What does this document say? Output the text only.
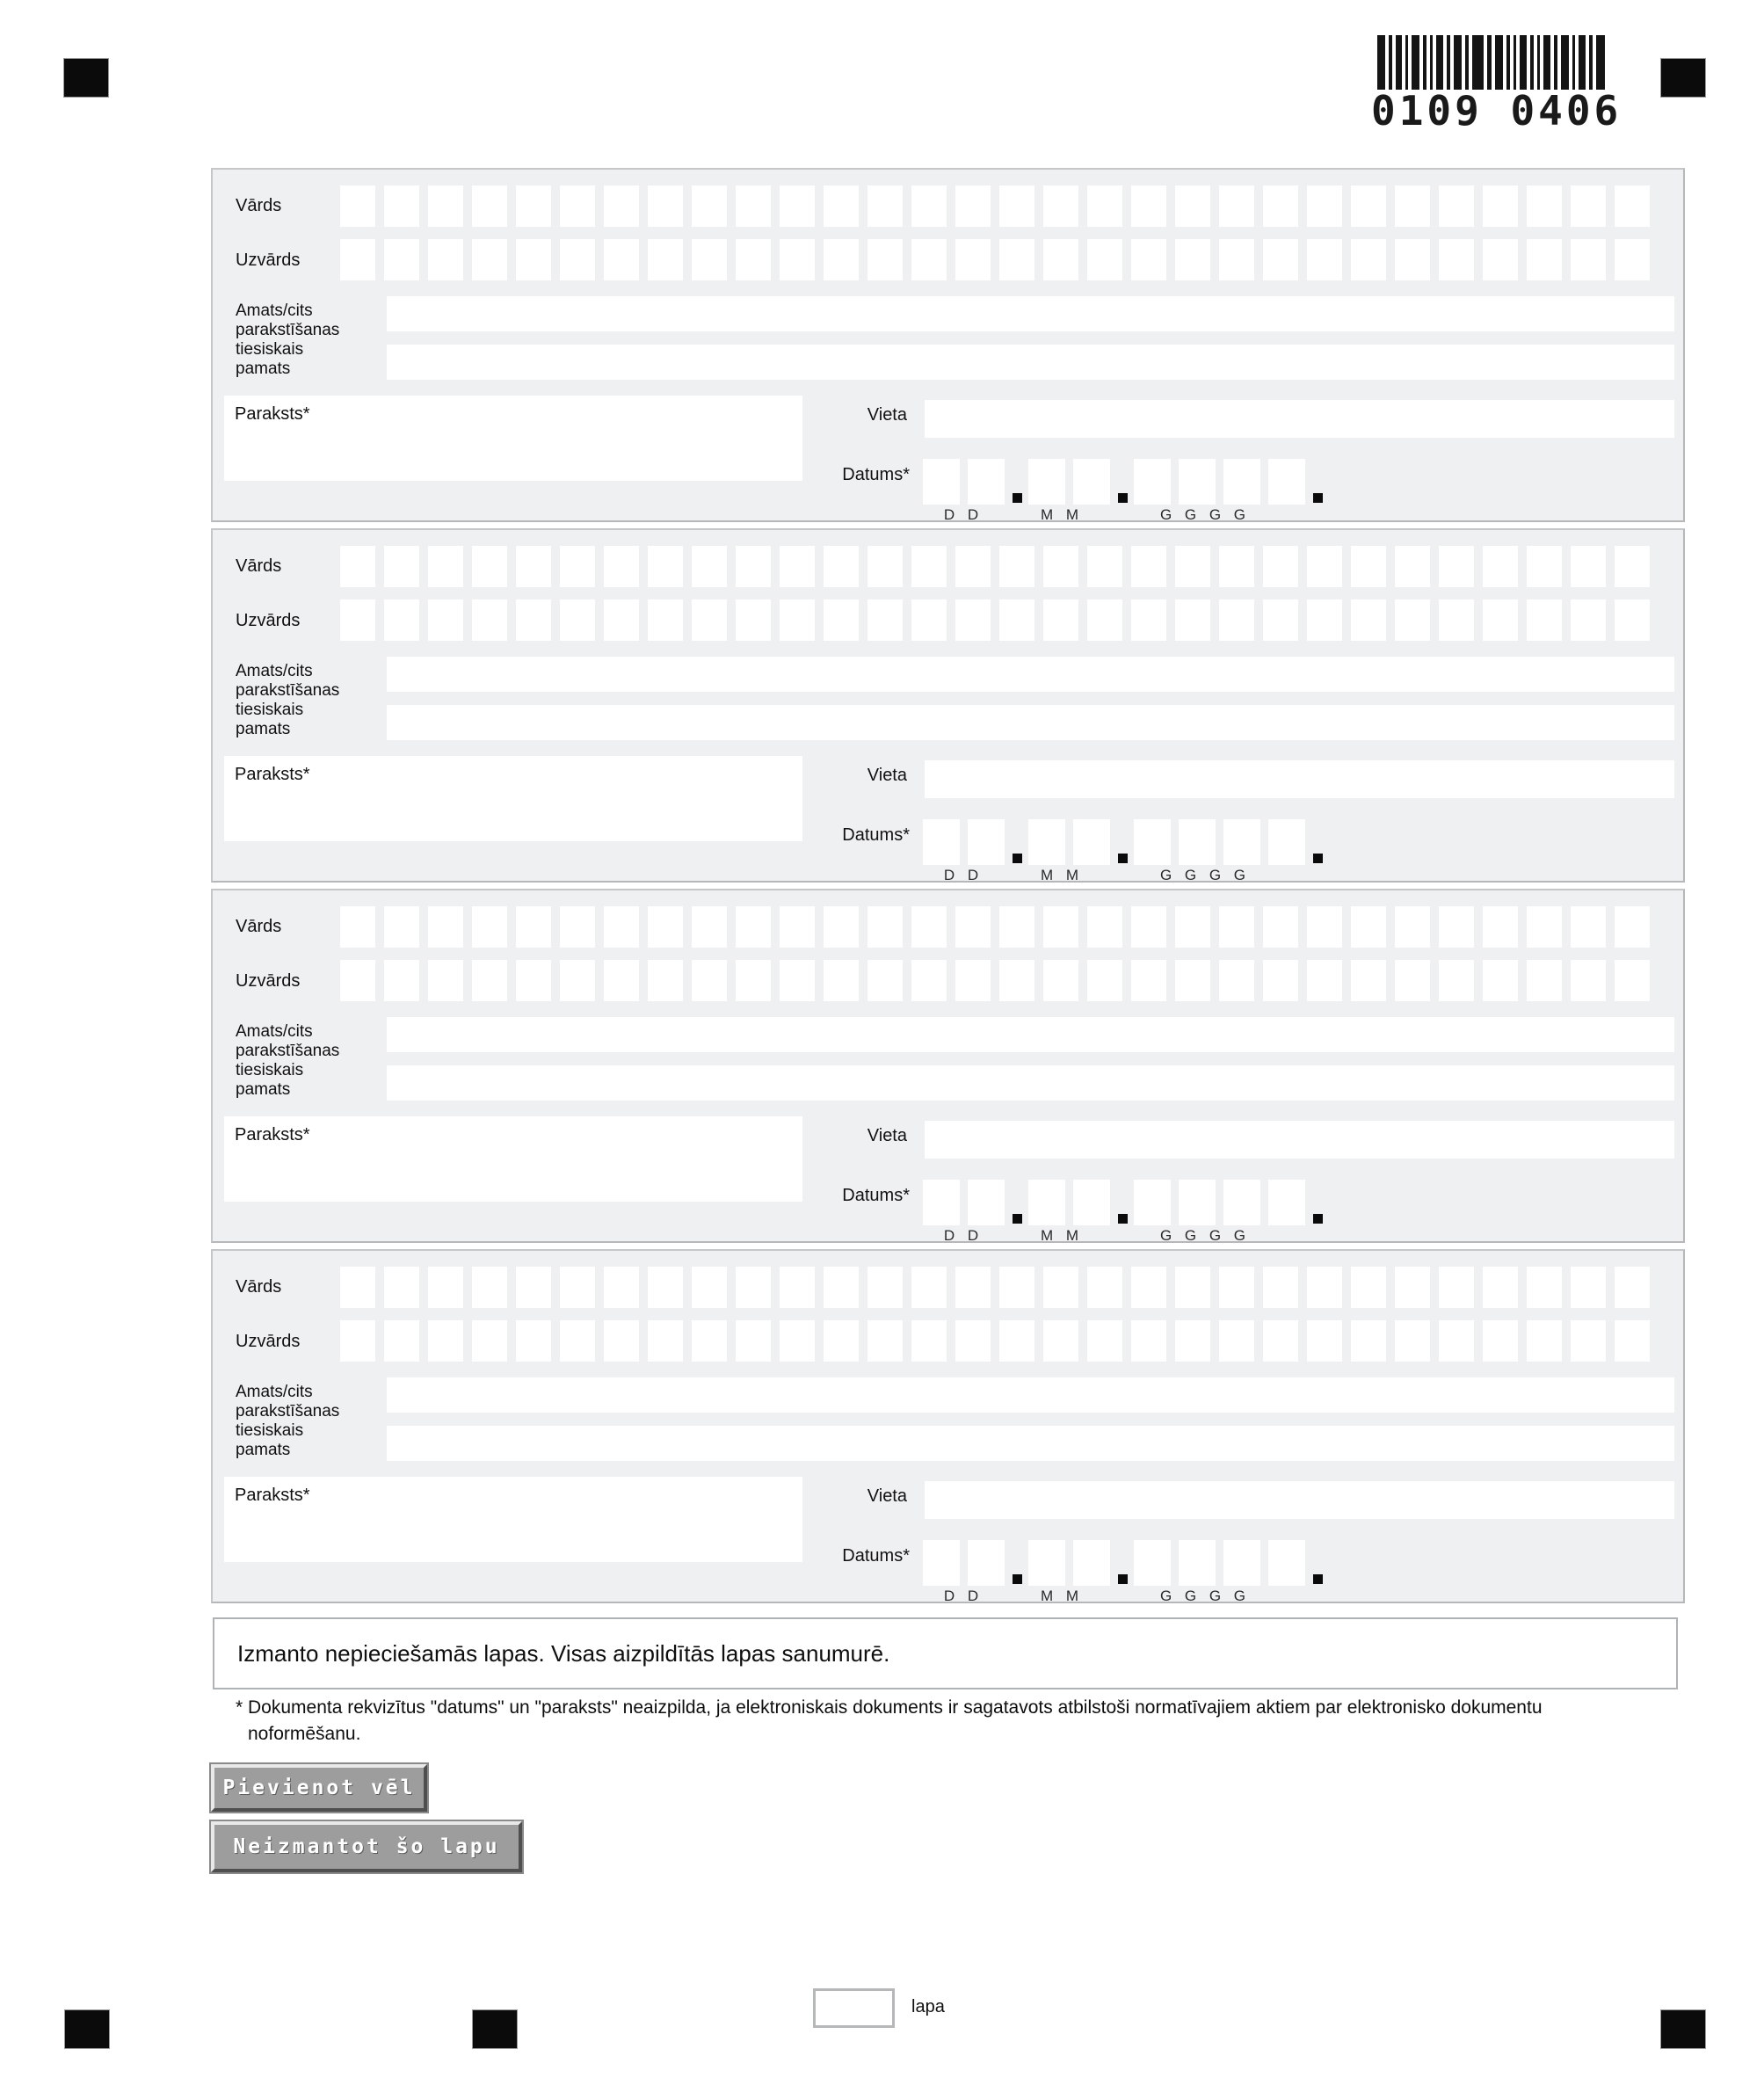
0109 0406
Vārds
Uzvārds
Amats/cits
parakstīšanas
tiesiskais
pamats
Paraksts*	Vieta
Datums*
D D	M M	G G G G
Vārds
Uzvārds
Amats/cits
parakstīšanas
tiesiskais
pamats
Paraksts*	Vieta
Datums*
D D	M M	G G G G
Vārds
Uzvārds
Amats/cits
parakstīšanas
tiesiskais
pamats
Paraksts*	Vieta
Datums*
D D	M M	G G G G
Vārds
Uzvārds
Amats/cits
parakstīšanas
tiesiskais
pamats
Paraksts*	Vieta
Datums*
D D	M M	G G G G
Izmanto nepieciešamās lapas. Visas aizpildītās lapas sanumurē.
* Dokumenta rekvizītus "datums" un "paraksts" neaizpilda, ja elektroniskais dokuments ir sagatavots atbilstoši normatīvajiem aktiem par elektronisko dokumentu noformēšanu.
Pievienot vēl
Neizmantot šo lapu
lapa
